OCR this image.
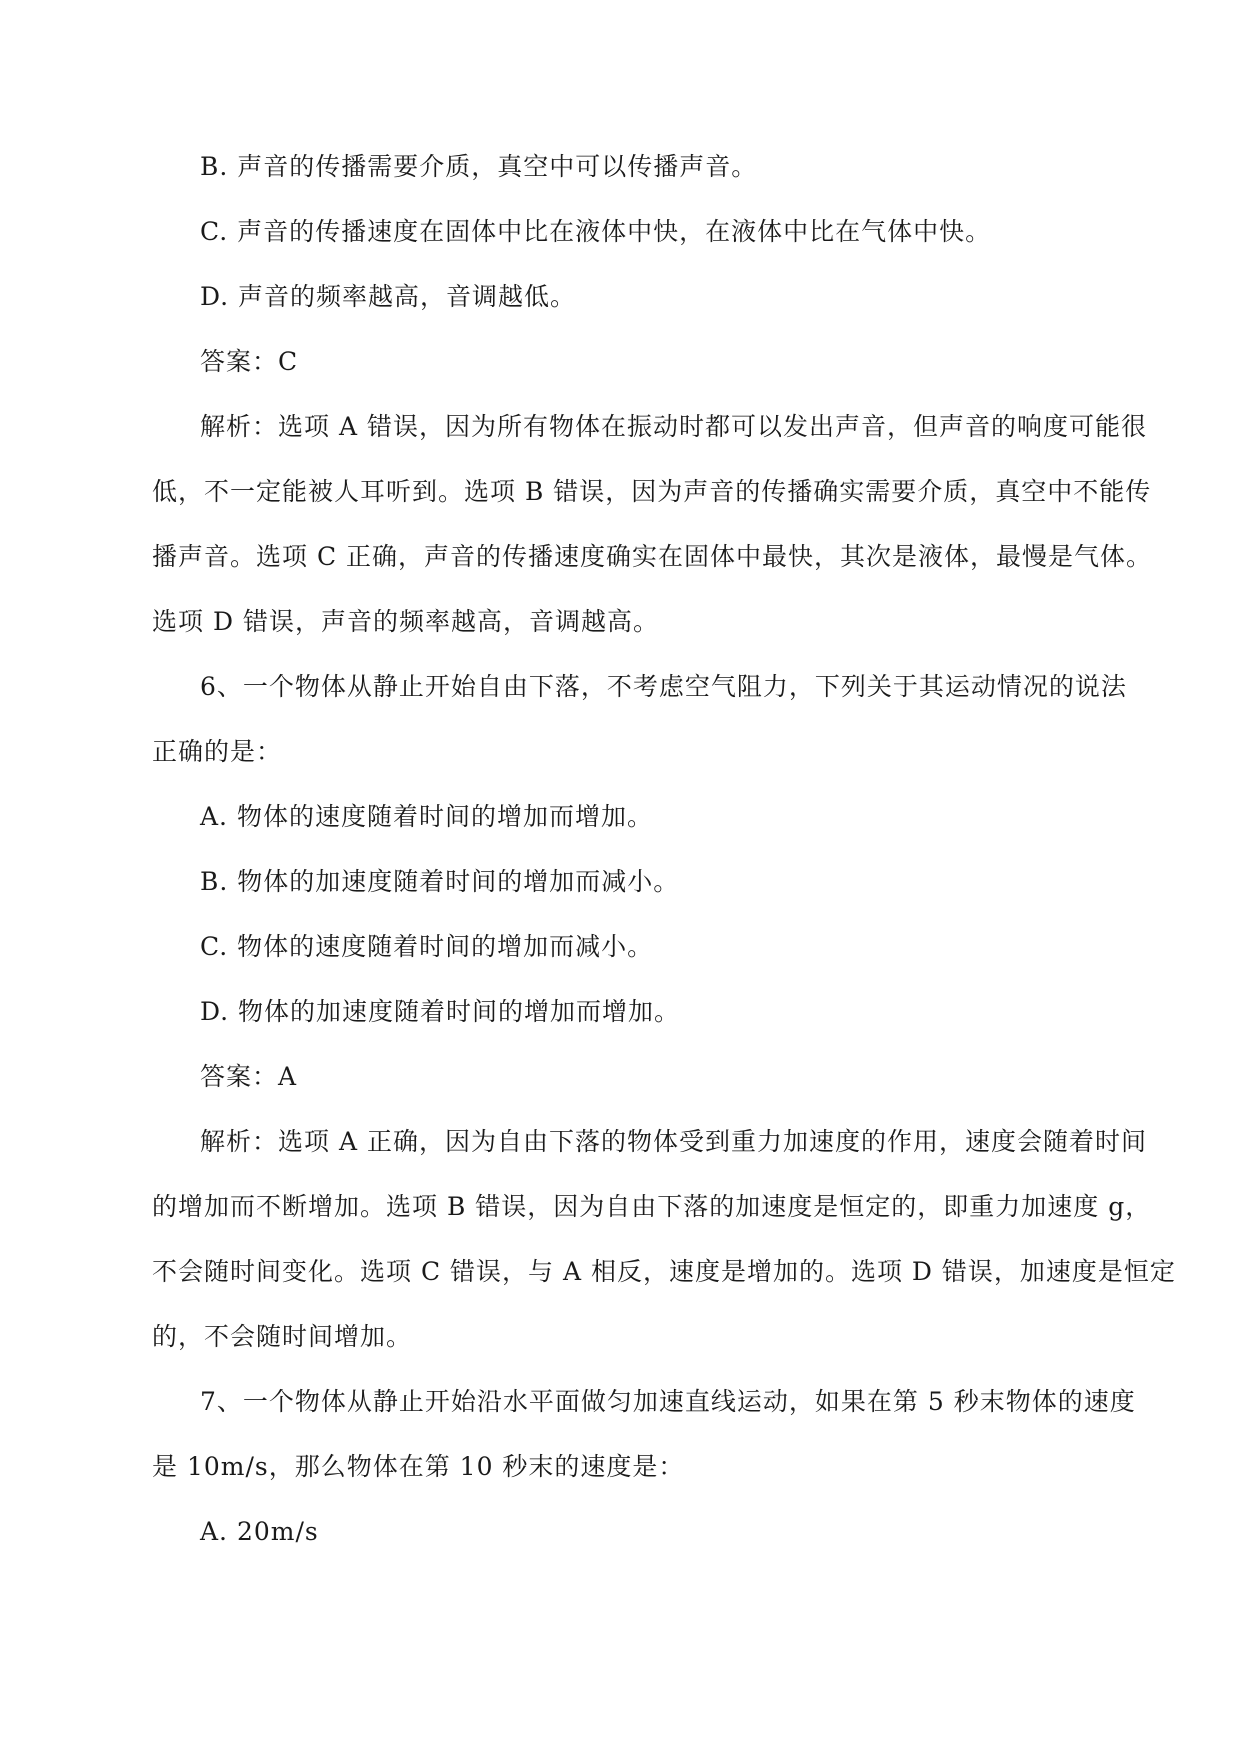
B. 声音的传播需要介质，真空中可以传播声音。
C. 声音的传播速度在固体中比在液体中快，在液体中比在气体中快。
D. 声音的频率越高，音调越低。
答案：C
解析：选项 A 错误，因为所有物体在振动时都可以发出声音，但声音的响度可能很
低，不一定能被人耳听到。选项 B 错误，因为声音的传播确实需要介质，真空中不能传
播声音。选项 C 正确，声音的传播速度确实在固体中最快，其次是液体，最慢是气体。
选项 D 错误，声音的频率越高，音调越高。
6、一个物体从静止开始自由下落，不考虑空气阻力，下列关于其运动情况的说法
正确的是：
A. 物体的速度随着时间的增加而增加。
B. 物体的加速度随着时间的增加而减小。
C. 物体的速度随着时间的增加而减小。
D. 物体的加速度随着时间的增加而增加。
答案：A
解析：选项 A 正确，因为自由下落的物体受到重力加速度的作用，速度会随着时间
的增加而不断增加。选项 B 错误，因为自由下落的加速度是恒定的，即重力加速度 g，
不会随时间变化。选项 C 错误，与 A 相反，速度是增加的。选项 D 错误，加速度是恒定
的，不会随时间增加。
7、一个物体从静止开始沿水平面做匀加速直线运动，如果在第 5 秒末物体的速度
是 10m/s，那么物体在第 10 秒末的速度是：
A. 20m/s
